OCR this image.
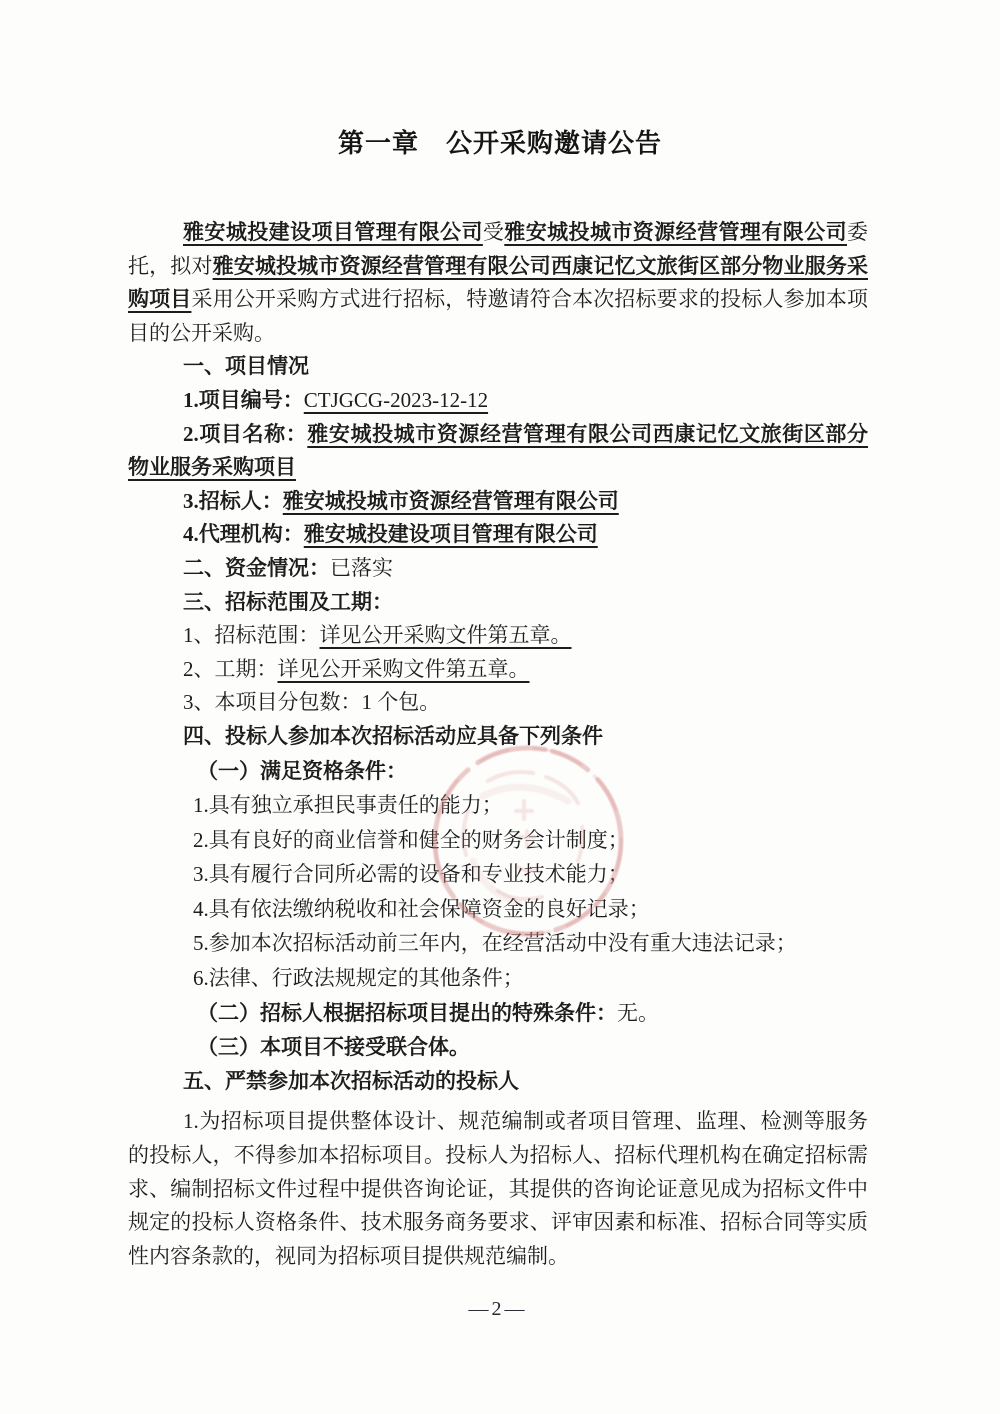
第一章　公开采购邀请公告

雅安城投建设项目管理有限公司受雅安城投城市资源经营管理有限公司委托，拟对雅安城投城市资源经营管理有限公司西康记忆文旅街区部分物业服务采购项目采用公开采购方式进行招标，特邀请符合本次招标要求的投标人参加本项目的公开采购。

一、项目情况

1.项目编号：CTJGCG-2023-12-12

2.项目名称：雅安城投城市资源经营管理有限公司西康记忆文旅街区部分物业服务采购项目

3.招标人：雅安城投城市资源经营管理有限公司

4.代理机构：雅安城投建设项目管理有限公司

二、资金情况：已落实

三、招标范围及工期：

1、招标范围：详见公开采购文件第五章。

2、工期：详见公开采购文件第五章。

3、本项目分包数：1 个包。

四、投标人参加本次招标活动应具备下列条件

（一）满足资格条件：

1.具有独立承担民事责任的能力；

2.具有良好的商业信誉和健全的财务会计制度；

3.具有履行合同所必需的设备和专业技术能力；

4.具有依法缴纳税收和社会保障资金的良好记录；

5.参加本次招标活动前三年内，在经营活动中没有重大违法记录；

6.法律、行政法规规定的其他条件；

（二）招标人根据招标项目提出的特殊条件：无。

（三）本项目不接受联合体。

五、严禁参加本次招标活动的投标人

1.为招标项目提供整体设计、规范编制或者项目管理、监理、检测等服务的投标人，不得参加本招标项目。投标人为招标人、招标代理机构在确定招标需求、编制招标文件过程中提供咨询论证，其提供的咨询论证意见成为招标文件中规定的投标人资格条件、技术服务商务要求、评审因素和标准、招标合同等实质性内容条款的，视同为招标项目提供规范编制。

—2—
